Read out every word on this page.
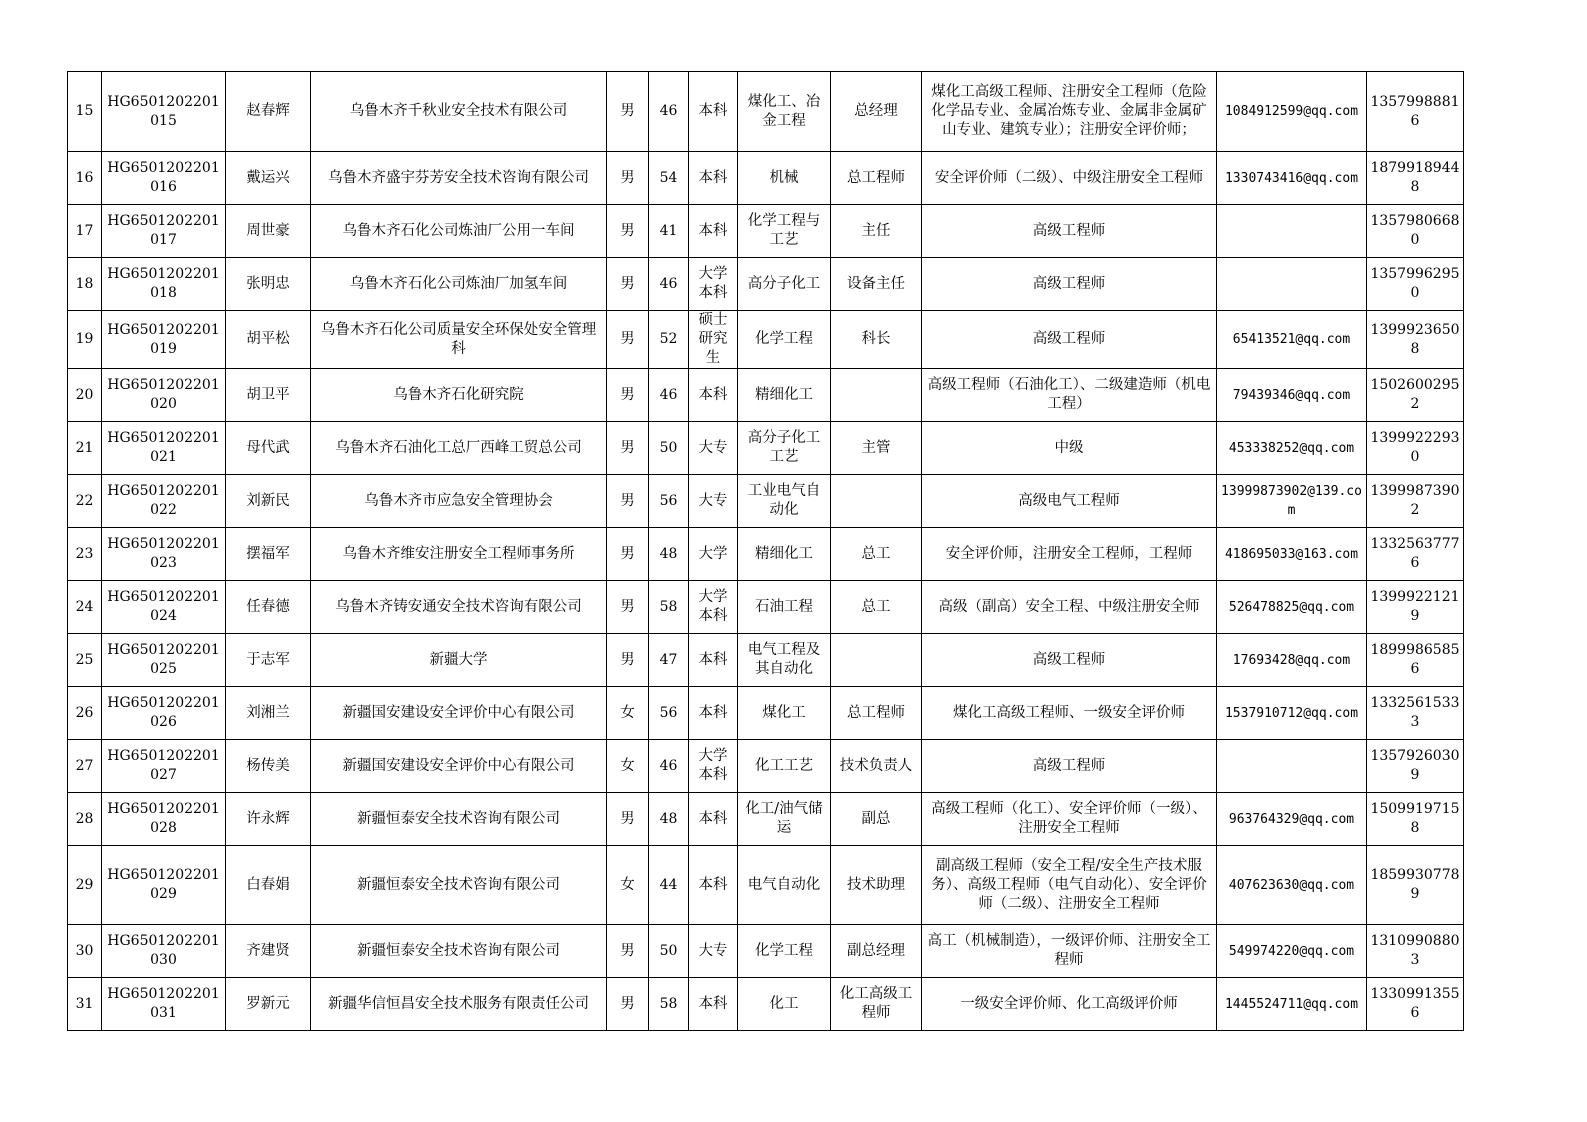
15	HG6501202201015	赵春辉	乌鲁木齐千秋业安全技术有限公司	男	46	本科	煤化工、冶金工程	总经理	煤化工高级工程师、注册安全工程师（危险化学品专业、金属冶炼专业、金属非金属矿山专业、建筑专业）；注册安全评价师；	1084912599@qq.com	13579988816
16	HG6501202201016	戴运兴	乌鲁木齐盛宇芬芳安全技术咨询有限公司	男	54	本科	机械	总工程师	安全评价师（二级）、中级注册安全工程师	1330743416@qq.com	18799189448
17	HG6501202201017	周世豪	乌鲁木齐石化公司炼油厂公用一车间	男	41	本科	化学工程与工艺	主任	高级工程师		13579806680
18	HG6501202201018	张明忠	乌鲁木齐石化公司炼油厂加氢车间	男	46	大学本科	高分子化工	设备主任	高级工程师		13579962950
19	HG6501202201019	胡平松	乌鲁木齐石化公司质量安全环保处安全管理科	男	52	硕士研究生	化学工程	科长	高级工程师	65413521@qq.com	13999236508
20	HG6501202201020	胡卫平	乌鲁木齐石化研究院	男	46	本科	精细化工		高级工程师（石油化工）、二级建造师（机电工程）	79439346@qq.com	15026002952
21	HG6501202201021	母代武	乌鲁木齐石油化工总厂西峰工贸总公司	男	50	大专	高分子化工工艺	主管	中级	453338252@qq.com	13999222930
22	HG6501202201022	刘新民	乌鲁木齐市应急安全管理协会	男	56	大专	工业电气自动化		高级电气工程师	13999873902@139.com	13999873902
23	HG6501202201023	摆福军	乌鲁木齐维安注册安全工程师事务所	男	48	大学	精细化工	总工	安全评价师，注册安全工程师，工程师	418695033@163.com	13325637776
24	HG6501202201024	任春德	乌鲁木齐铸安通安全技术咨询有限公司	男	58	大学本科	石油工程	总工	高级（副高）安全工程、中级注册安全师	526478825@qq.com	13999221219
25	HG6501202201025	于志军	新疆大学	男	47	本科	电气工程及其自动化		高级工程师	17693428@qq.com	18999865856
26	HG6501202201026	刘湘兰	新疆国安建设安全评价中心有限公司	女	56	本科	煤化工	总工程师	煤化工高级工程师、一级安全评价师	1537910712@qq.com	13325615333
27	HG6501202201027	杨传美	新疆国安建设安全评价中心有限公司	女	46	大学本科	化工工艺	技术负责人	高级工程师		13579260309
28	HG6501202201028	许永辉	新疆恒泰安全技术咨询有限公司	男	48	本科	化工/油气储运	副总	高级工程师（化工）、安全评价师（一级）、注册安全工程师	963764329@qq.com	15099197158
29	HG6501202201029	白春娟	新疆恒泰安全技术咨询有限公司	女	44	本科	电气自动化	技术助理	副高级工程师（安全工程/安全生产技术服务）、高级工程师（电气自动化）、安全评价师（二级）、注册安全工程师	407623630@qq.com	18599307789
30	HG6501202201030	齐建贤	新疆恒泰安全技术咨询有限公司	男	50	大专	化学工程	副总经理	高工（机械制造），一级评价师、注册安全工程师	549974220@qq.com	13109908803
31	HG6501202201031	罗新元	新疆华信恒昌安全技术服务有限责任公司	男	58	本科	化工	化工高级工程师	一级安全评价师、化工高级评价师	1445524711@qq.com	13309913556
